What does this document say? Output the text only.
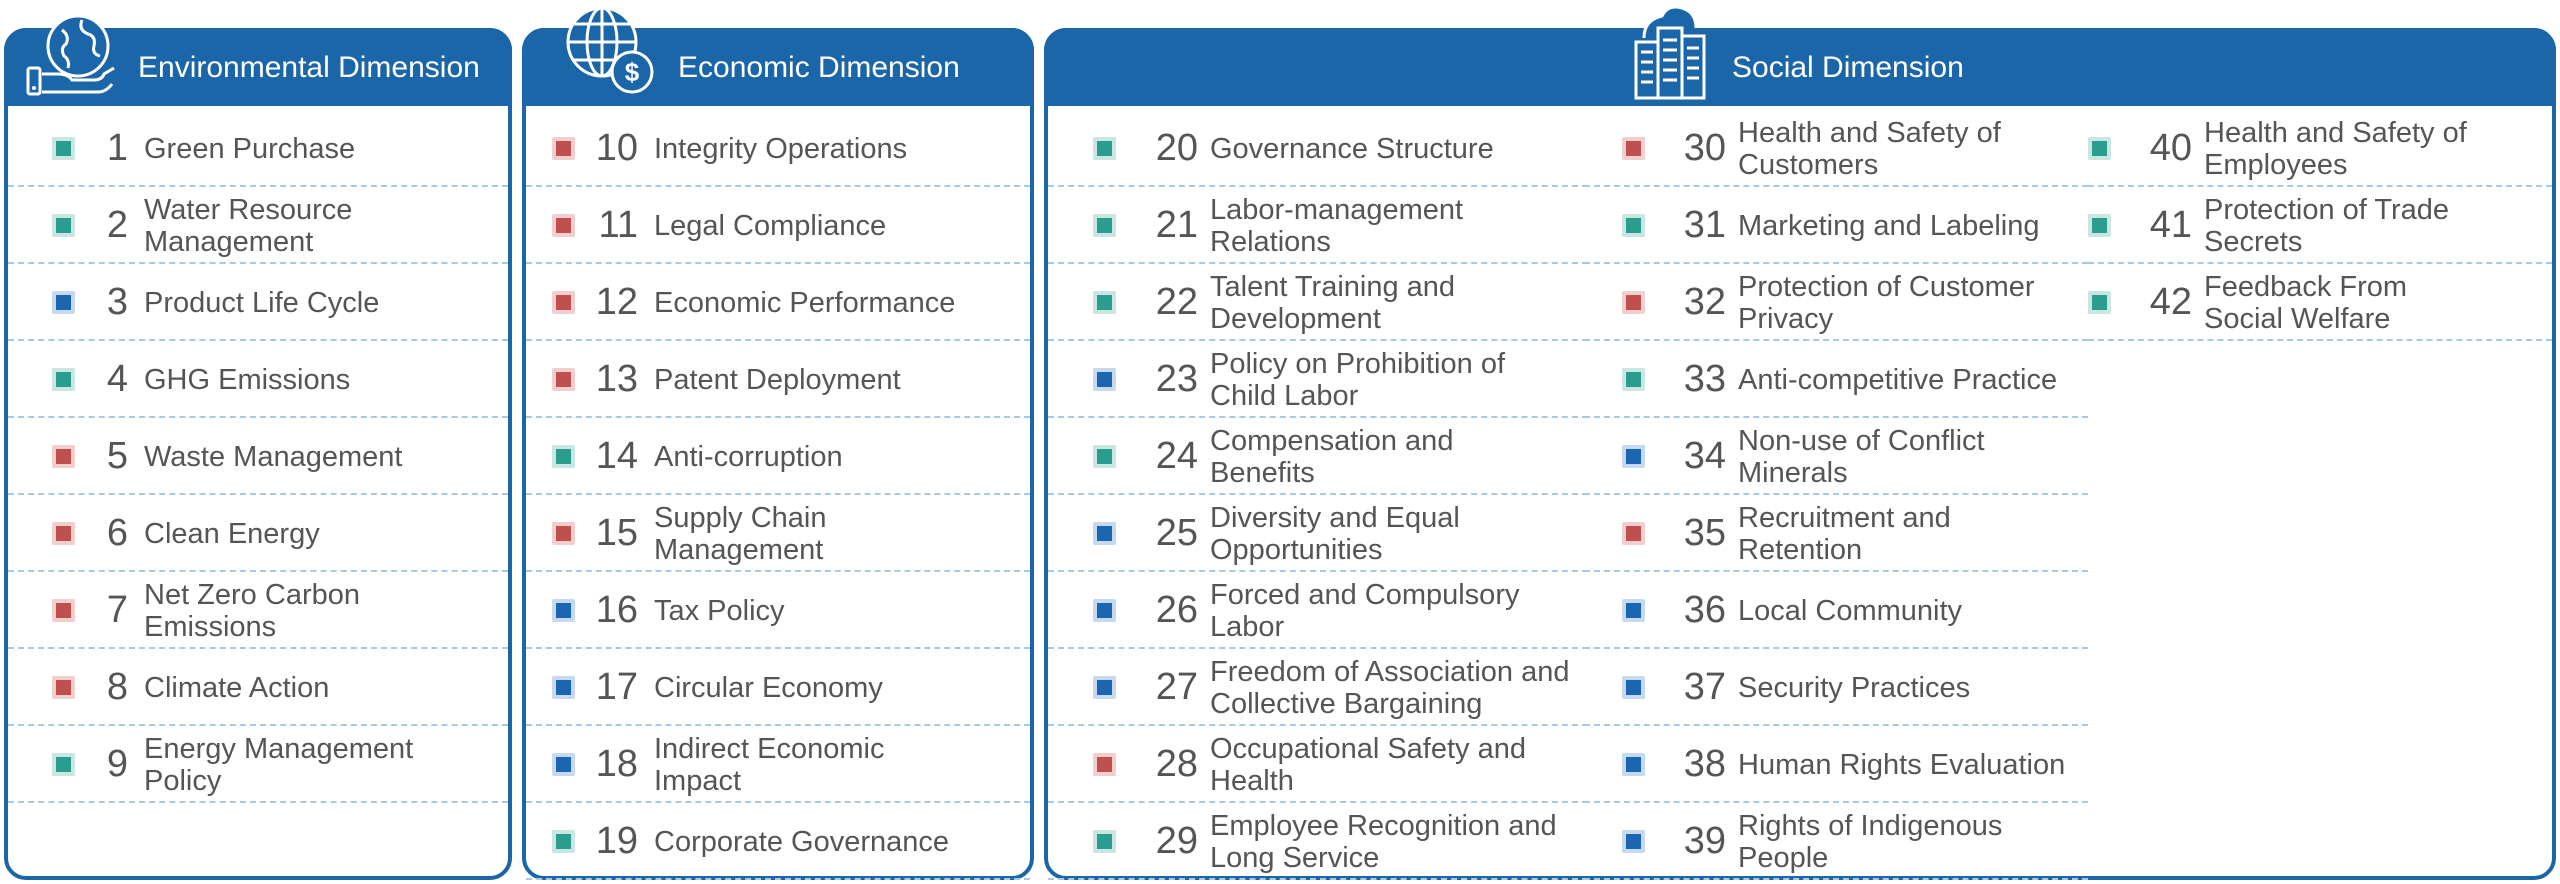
Environmental Dimension
1 Green Purchase
2 Water Resource
Management
3 Product Life Cycle
4 GHG Emissions
5 Waste Management
6 Clean Energy
7 Net Zero Carbon
Emissions
8 Climate Action
9 Energy Management
Policy
$ Economic Dimension
10 Integrity Operations
11 Legal Compliance
12 Economic Performance
13 Patent Deployment
14 Anti-corruption
15 Supply Chain
Management
16 Tax Policy
17 Circular Economy
18 Indirect Economic
Impact
19 Corporate Governance
Social Dimension
20 Governance Structure
21 Labor-management
Relations
22 Talent Training and
Development
23 Policy on Prohibition of
Child Labor
24 Compensation and
Benefits
25 Diversity and Equal
Opportunities
26 Forced and Compulsory
Labor
27 Freedom of Association and
Collective Bargaining
28 Occupational Safety and
Health
29 Employee Recognition and
Long Service
30 Health and Safety of
Customers
31 Marketing and Labeling
32 Protection of Customer
Privacy
33 Anti-competitive Practice
34 Non-use of Conflict
Minerals
35 Recruitment and
Retention
36 Local Community
37 Security Practices
38 Human Rights Evaluation
39 Rights of Indigenous
People
40 Health and Safety of
Employees
41 Protection of Trade
Secrets
42 Feedback From
Social Welfare
